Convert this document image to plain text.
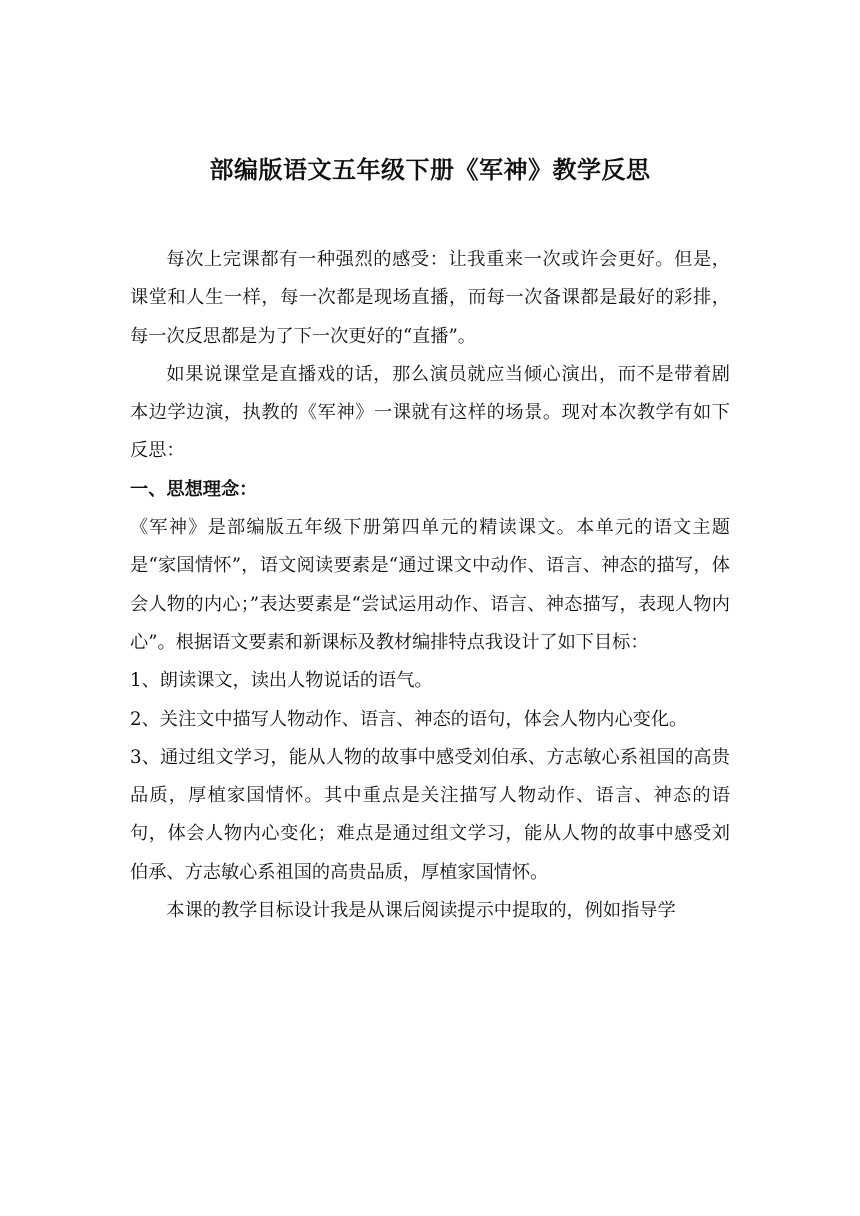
部编版语文五年级下册《军神》教学反思

每次上完课都有一种强烈的感受：让我重来一次或许会更好。但是，课堂和人生一样，每一次都是现场直播，而每一次备课都是最好的彩排，每一次反思都是为了下一次更好的“直播”。

如果说课堂是直播戏的话，那么演员就应当倾心演出，而不是带着剧本边学边演，执教的《军神》一课就有这样的场景。现对本次教学有如下反思：

一、思想理念：

《军神》是部编版五年级下册第四单元的精读课文。本单元的语文主题是“家国情怀”，语文阅读要素是“通过课文中动作、语言、神态的描写，体会人物的内心；”表达要素是“尝试运用动作、语言、神态描写，表现人物内心”。根据语文要素和新课标及教材编排特点我设计了如下目标：

1、朗读课文，读出人物说话的语气。

2、关注文中描写人物动作、语言、神态的语句，体会人物内心变化。

3、通过组文学习，能从人物的故事中感受刘伯承、方志敏心系祖国的高贵品质，厚植家国情怀。其中重点是关注描写人物动作、语言、神态的语句，体会人物内心变化；难点是通过组文学习，能从人物的故事中感受刘伯承、方志敏心系祖国的高贵品质，厚植家国情怀。

本课的教学目标设计我是从课后阅读提示中提取的，例如指导学
